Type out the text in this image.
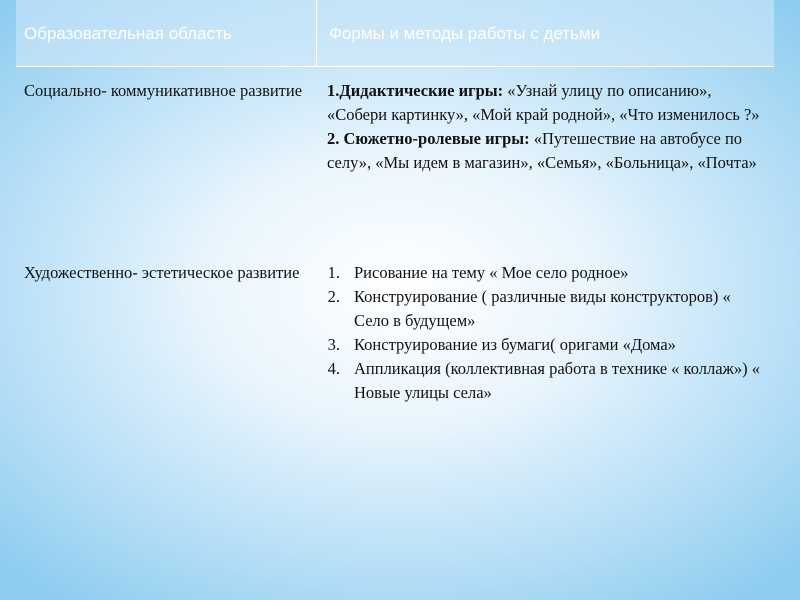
Образовательная область	Формы и методы работы с детьми
Социально- коммуникативное развитие	1.Дидактические игры: «Узнай улицу по описанию», «Собери картинку», «Мой край родной», «Что изменилось ?»
2. Сюжетно-ролевые игры: «Путешествие на автобусе по селу», «Мы идем в магазин», «Семья», «Больница», «Почта»
Художественно- эстетическое развитие	1. Рисование на тему « Мое село родное»
2. Конструирование ( различные виды конструкторов) « Село в будущем»
3. Конструирование из бумаги( оригами «Дома»
4. Аппликация (коллективная работа в технике « коллаж») « Новые улицы села»
